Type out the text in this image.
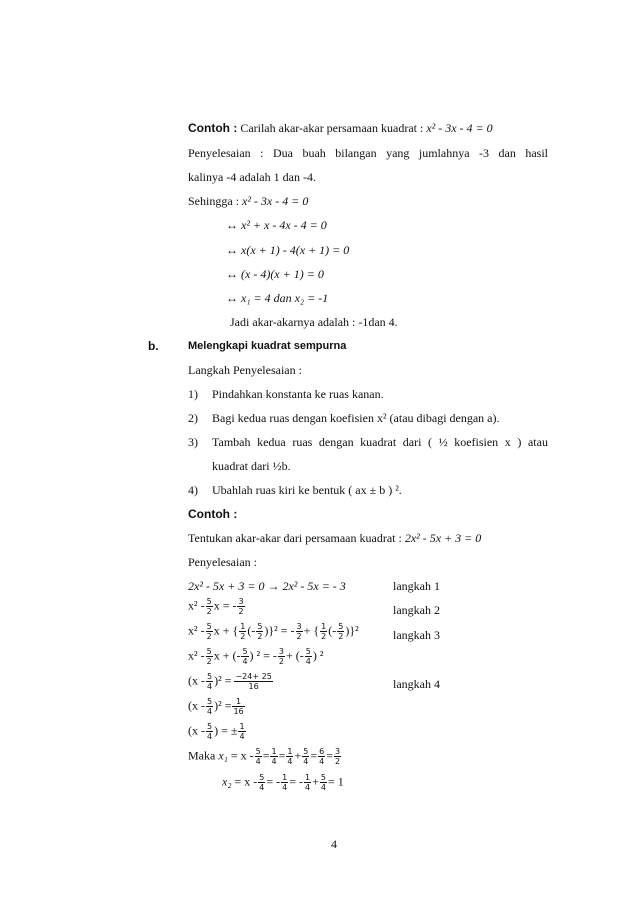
Contoh : Carilah akar-akar persamaan kuadrat : x² - 3x - 4 = 0
Penyelesaian : Dua buah bilangan yang jumlahnya -3 dan hasil
kalinya -4 adalah 1 dan -4.
Sehingga : x² - 3x - 4 = 0
↔ x² + x - 4x - 4 = 0
↔ x(x + 1) - 4(x + 1) = 0
↔ (x - 4)(x + 1) = 0
↔ x₁ = 4 dan x₂ = -1
Jadi akar-akarnya adalah : -1dan 4.
b.	Melengkapi kuadrat sempurna
Langkah Penyelesaian :
1) Pindahkan konstanta ke ruas kanan.
2) Bagi kedua ruas dengan koefisien x² (atau dibagi dengan a).
3)	Tambah kedua ruas dengan kuadrat dari ( ½ koefisien x ) atau
kuadrat dari ½b.
4) Ubahlah ruas kiri ke bentuk ( ax ± b ) ².
Contoh :
Tentukan akar-akar dari persamaan kuadrat : 2x² - 5x + 3 = 0
Penyelesaian :
2x² - 5x + 3 = 0 → 2x² - 5x = - 3	langkah 1
$x^2 - \frac{5}{2}$ x = - $\frac{3}{2}$	langkah 2
$x^2 - \frac{5}{2}$ x + { $\frac{1}{2}$ (- $\frac{5}{2} )\}^2$ = - $\frac{3}{2}$ + { $\frac{1}{2}$ (- $\frac{5}{2} )\}^2$	langkah 3
$x^2 - \frac{5}{2}$ x + (- $\frac{5}{4}$ ) ² = - $\frac{3}{2}$ + (- $\frac{5}{4}$ ) ²
$(x - \frac{5}{4} )^2 = \frac{-24+ 25}{16}$	langkah 4
$(x - \frac{5}{4} )^2 = \frac{1}{16}$
($x - \frac{5}{4}$ ) = ± $\frac{1}{4}$
Maka $x_1 = x - \frac{5}{4} = \frac{1}{4} = \frac{1}{4} + \frac{5}{4} = \frac{6}{4} = \frac{3}{2}$
$x_2 = x - \frac{5}{4}$ = - $\frac{1}{4}$ = - $\frac{1}{4} + \frac{5}{4} = 1$
4
